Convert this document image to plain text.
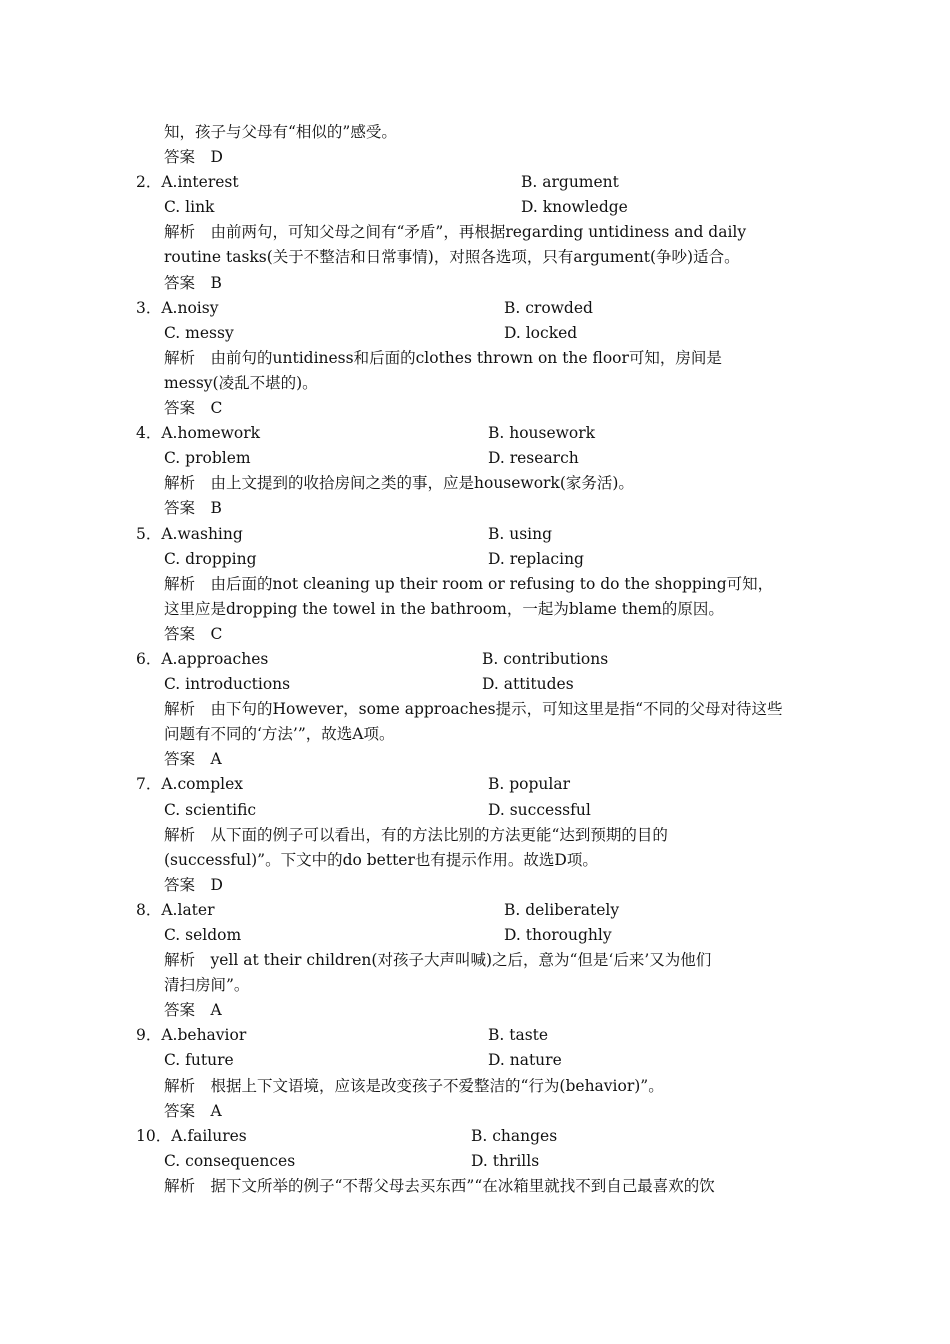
知，孩子与父母有“相似的”感受。
答案　D
2．A.interest	B. argument
C. link	D. knowledge
解析　由前两句，可知父母之间有“矛盾”，再根据regarding untidiness and daily
routine tasks(关于不整洁和日常事情)，对照各选项，只有argument(争吵)适合。
答案　B
3．A.noisy	B. crowded
C. messy	D. locked
解析　由前句的untidiness和后面的clothes thrown on the floor可知，房间是
messy(凌乱不堪的)。
答案　C
4．A.homework	B. housework
C. problem	D. research
解析　由上文提到的收拾房间之类的事，应是housework(家务活)。
答案　B
5．A.washing	B. using
C. dropping	D. replacing
解析　由后面的not cleaning up their room or refusing to do the shopping可知，
这里应是dropping the towel in the bathroom，一起为blame them的原因。
答案　C
6．A.approaches	B. contributions
C. introductions	D. attitudes
解析　由下句的However，some approaches提示，可知这里是指“不同的父母对待这些
问题有不同的‘方法’”，故选A项。
答案　A
7．A.complex	B. popular
C. scientific	D. successful
解析　从下面的例子可以看出，有的方法比别的方法更能“达到预期的目的
(successful)”。下文中的do better也有提示作用。故选D项。
答案　D
8．A.later	B. deliberately
C. seldom	D. thoroughly
解析　yell at their children(对孩子大声叫喊)之后，意为“但是‘后来’又为他们
清扫房间”。
答案　A
9．A.behavior	B. taste
C. future	D. nature
解析　根据上下文语境，应该是改变孩子不爱整洁的“行为(behavior)”。
答案　A
10．A.failures	B. changes
C. consequences	D. thrills
解析　据下文所举的例子“不帮父母去买东西”“在冰箱里就找不到自己最喜欢的饮
